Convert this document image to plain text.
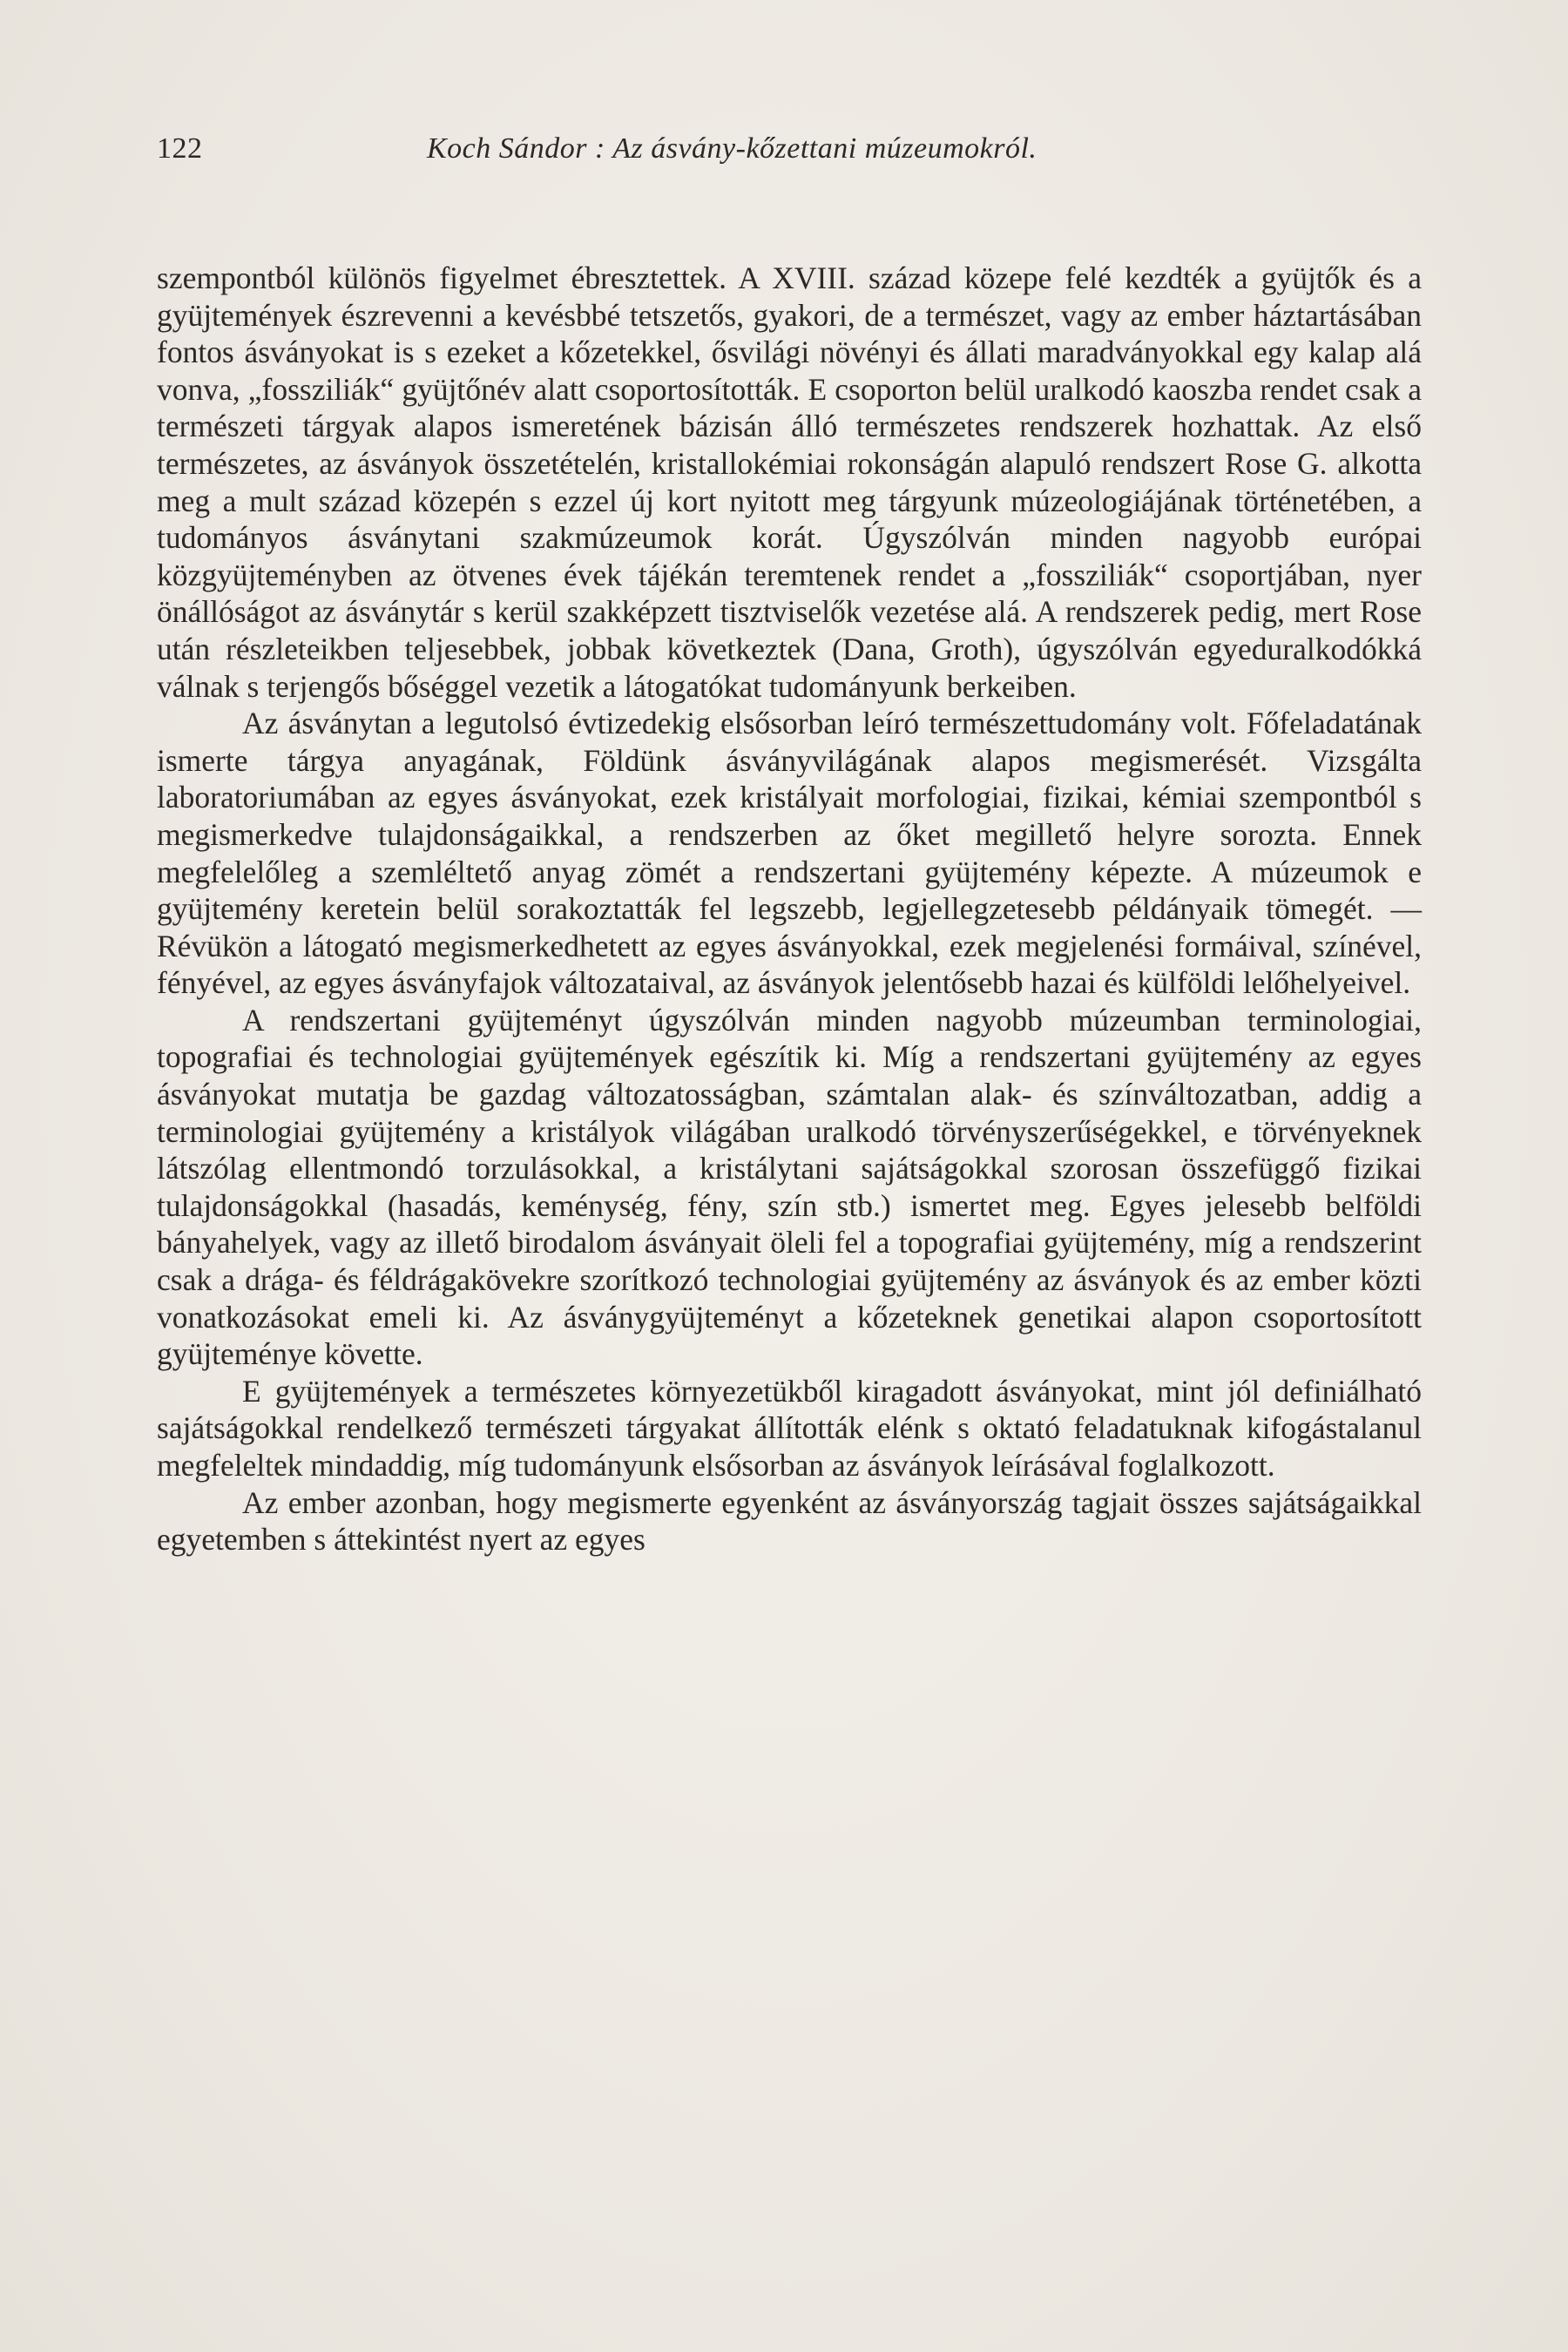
122	Koch Sándor : Az ásvány-kőzettani múzeumokról.

szempontból különös figyelmet ébresztettek. A XVIII. század közepe felé kezdték a gyüjtők és a gyüjtemények észrevenni a kevésbbé tetszetős, gyakori, de a természet, vagy az ember háztartásában fontos ásványokat is s ezeket a kőzetekkel, ősvilági növényi és állati maradványokkal egy kalap alá vonva, „fossziliák“ gyüjtőnév alatt csoportosították. E csoporton belül uralkodó kaoszba rendet csak a természeti tárgyak alapos ismeretének bázisán álló természetes rendszerek hozhattak. Az első természetes, az ásványok összetételén, kristallokémiai rokonságán alapuló rendszert Rose G. alkotta meg a mult század közepén s ezzel új kort nyitott meg tárgyunk múzeologiájának történetében, a tudományos ásványtani szakmúzeumok korát. Úgyszólván minden nagyobb európai közgyüjteményben az ötvenes évek tájékán teremtenek rendet a „fossziliák“ csoportjában, nyer önállóságot az ásványtár s kerül szakképzett tisztviselők vezetése alá. A rendszerek pedig, mert Rose után részleteikben teljesebbek, jobbak következtek (Dana, Groth), úgyszólván egyeduralkodókká válnak s terjengős bőséggel vezetik a látogatókat tudományunk berkeiben.

Az ásványtan a legutolsó évtizedekig elsősorban leíró természettudomány volt. Főfeladatának ismerte tárgya anyagának, Földünk ásványvilágának alapos megismerését. Vizsgálta laboratoriumában az egyes ásványokat, ezek kristályait morfologiai, fizikai, kémiai szempontból s megismerkedve tulajdonságaikkal, a rendszerben az őket megillető helyre sorozta. Ennek megfelelőleg a szemléltető anyag zömét a rendszertani gyüjtemény képezte. A múzeumok e gyüjtemény keretein belül sorakoztatták fel legszebb, legjellegzetesebb példányaik tömegét. — Révükön a látogató megismerkedhetett az egyes ásványokkal, ezek megjelenési formáival, színével, fényével, az egyes ásványfajok változataival, az ásványok jelentősebb hazai és külföldi lelőhelyeivel.

A rendszertani gyüjteményt úgyszólván minden nagyobb múzeumban terminologiai, topografiai és technologiai gyüjtemények egészítik ki. Míg a rendszertani gyüjtemény az egyes ásványokat mutatja be gazdag változatosságban, számtalan alak- és színváltozatban, addig a terminologiai gyüjtemény a kristályok világában uralkodó törvényszerűségekkel, e törvényeknek látszólag ellentmondó torzulásokkal, a kristálytani sajátságokkal szorosan összefüggő fizikai tulajdonságokkal (hasadás, keménység, fény, szín stb.) ismertet meg. Egyes jelesebb belföldi bányahelyek, vagy az illető birodalom ásványait öleli fel a topografiai gyüjtemény, míg a rendszerint csak a drága- és féldrágakövekre szorítkozó technologiai gyüjtemény az ásványok és az ember közti vonatkozásokat emeli ki. Az ásványgyüjteményt a kőzeteknek genetikai alapon csoportosított gyüjteménye követte.

E gyüjtemények a természetes környezetükből kiragadott ásványokat, mint jól definiálható sajátságokkal rendelkező természeti tárgyakat állították elénk s oktató feladatuknak kifogástalanul megfeleltek mindaddig, míg tudományunk elsősorban az ásványok leírásával foglalkozott.

Az ember azonban, hogy megismerte egyenként az ásványország tagjait összes sajátságaikkal egyetemben s áttekintést nyert az egyes
